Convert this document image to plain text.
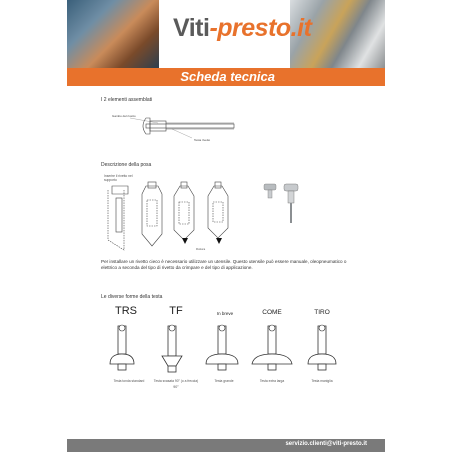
Viti-presto.it
Scheda tecnica
I 2 elementi assemblati
Gambo del rivetto
Testa rivetto
Descrizione della posa
Inserire il rivetto nel supporto
Rottura
Per installare un rivetto cieco è necessario utilizzare un utensile. Questo utensile può essere manuale, oleopneumatico o elettrico a seconda del tipo di rivetto da crimpare e del tipo di applicazione.
Le diverse forme della testa
TRS	TF	In breve	COME	TIRO
Testa tonda standard	Testa svasata 90° (o a freccia)
90°
Testa grande	Testa extra larga	Testa maniglia
servizio.clienti@viti-presto.it
